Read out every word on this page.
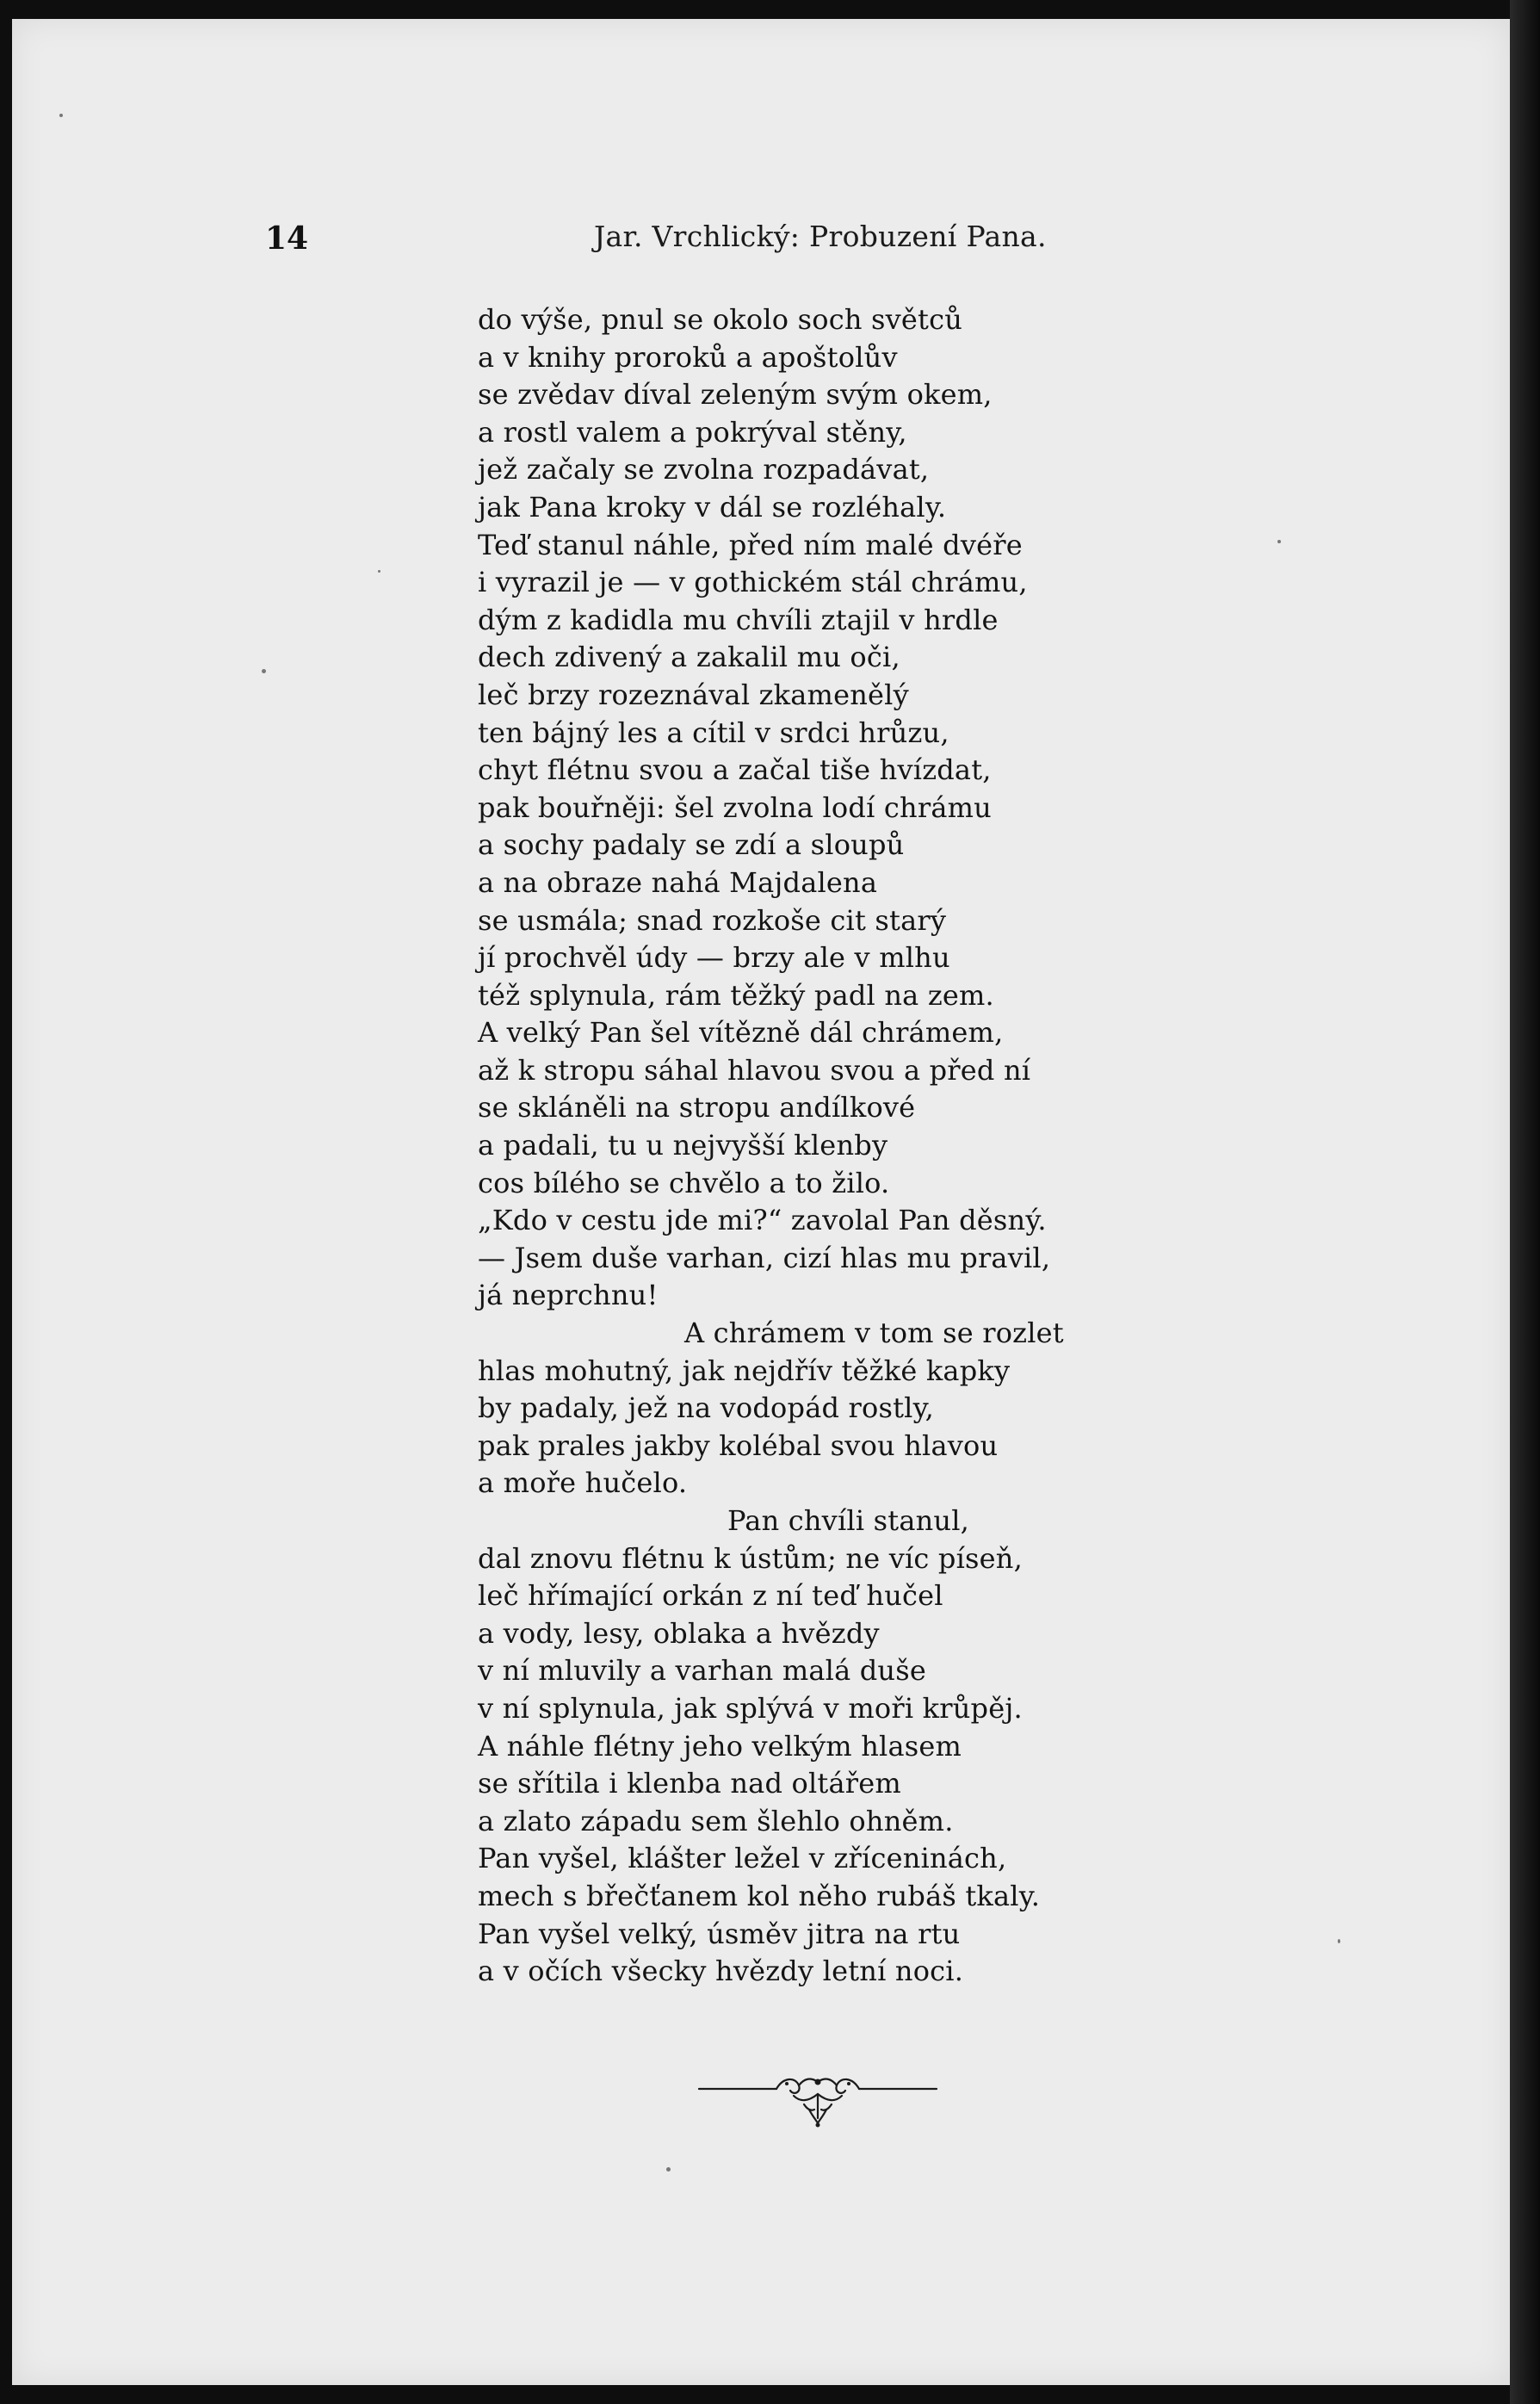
14	Jar. Vrchlický: Probuzení Pana.
do výše, pnul se okolo soch světců
a v knihy proroků a apoštolův
se zvědav díval zeleným svým okem,
a rostl valem a pokrýval stěny,
jež začaly se zvolna rozpadávat,
jak Pana kroky v dál se rozléhaly.
Teď stanul náhle, před ním malé dvéře
i vyrazil je — v gothickém stál chrámu,
dým z kadidla mu chvíli ztajil v hrdle
dech zdivený a zakalil mu oči,
leč brzy rozeznával zkamenělý
ten bájný les a cítil v srdci hrůzu,
chyt flétnu svou a začal tiše hvízdat,
pak bouřněji: šel zvolna lodí chrámu
a sochy padaly se zdí a sloupů
a na obraze nahá Majdalena
se usmála; snad rozkoše cit starý
jí prochvěl údy — brzy ale v mlhu
též splynula, rám těžký padl na zem.
A velký Pan šel vítězně dál chrámem,
až k stropu sáhal hlavou svou a před ní
se skláněli na stropu andílkové
a padali, tu u nejvyšší klenby
cos bílého se chvělo a to žilo.
„Kdo v cestu jde mi?“ zavolal Pan děsný.
— Jsem duše varhan, cizí hlas mu pravil,
já neprchnu!
A chrámem v tom se rozlet
hlas mohutný, jak nejdřív těžké kapky
by padaly, jež na vodopád rostly,
pak prales jakby kolébal svou hlavou
a moře hučelo.
Pan chvíli stanul,
dal znovu flétnu k ústům; ne víc píseň,
leč hřímající orkán z ní teď hučel
a vody, lesy, oblaka a hvězdy
v ní mluvily a varhan malá duše
v ní splynula, jak splývá v moři krůpěj.
A náhle flétny jeho velkým hlasem
se sřítila i klenba nad oltářem
a zlato západu sem šlehlo ohněm.
Pan vyšel, klášter ležel v zříceninách,
mech s břečťanem kol něho rubáš tkaly.
Pan vyšel velký, úsměv jitra na rtu
a v očích všecky hvězdy letní noci.
